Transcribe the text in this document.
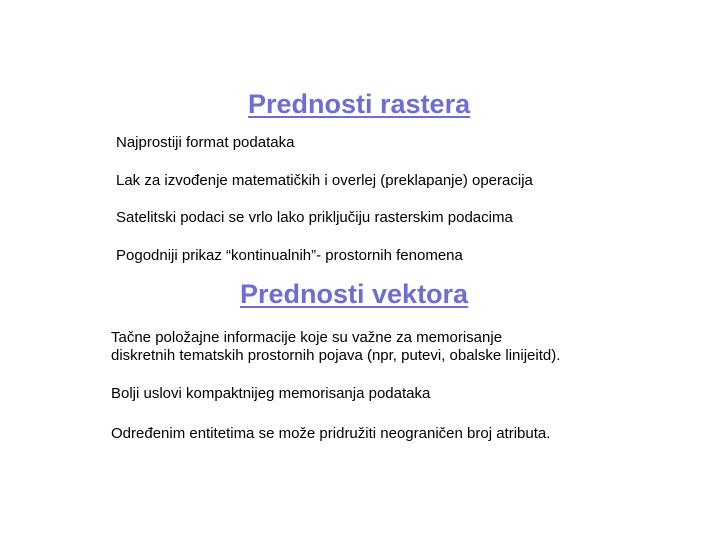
Prednosti rastera
Najprostiji format podataka
Lak za izvođenje matematičkih i overlej (preklapanje) operacija
Satelitski podaci se vrlo lako priključiju rasterskim podacima
Pogodniji prikaz “kontinualnih”- prostornih fenomena
Prednosti vektora
Tačne položajne informacije koje su važne za memorisanje
diskretnih tematskih prostornih pojava (npr, putevi, obalske linijeitd).
Bolji uslovi kompaktnijeg memorisanja podataka
Određenim entitetima se može pridružiti neograničen broj atributa.
